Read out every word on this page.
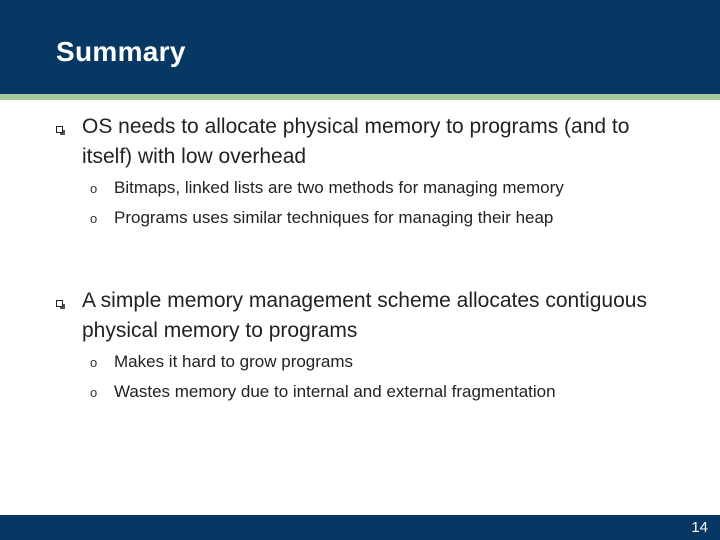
Summary
OS needs to allocate physical memory to programs (and to itself) with low overhead
o Bitmaps, linked lists are two methods for managing memory
o Programs uses similar techniques for managing their heap
A simple memory management scheme allocates contiguous physical memory to programs
o Makes it hard to grow programs
o Wastes memory due to internal and external fragmentation
14
